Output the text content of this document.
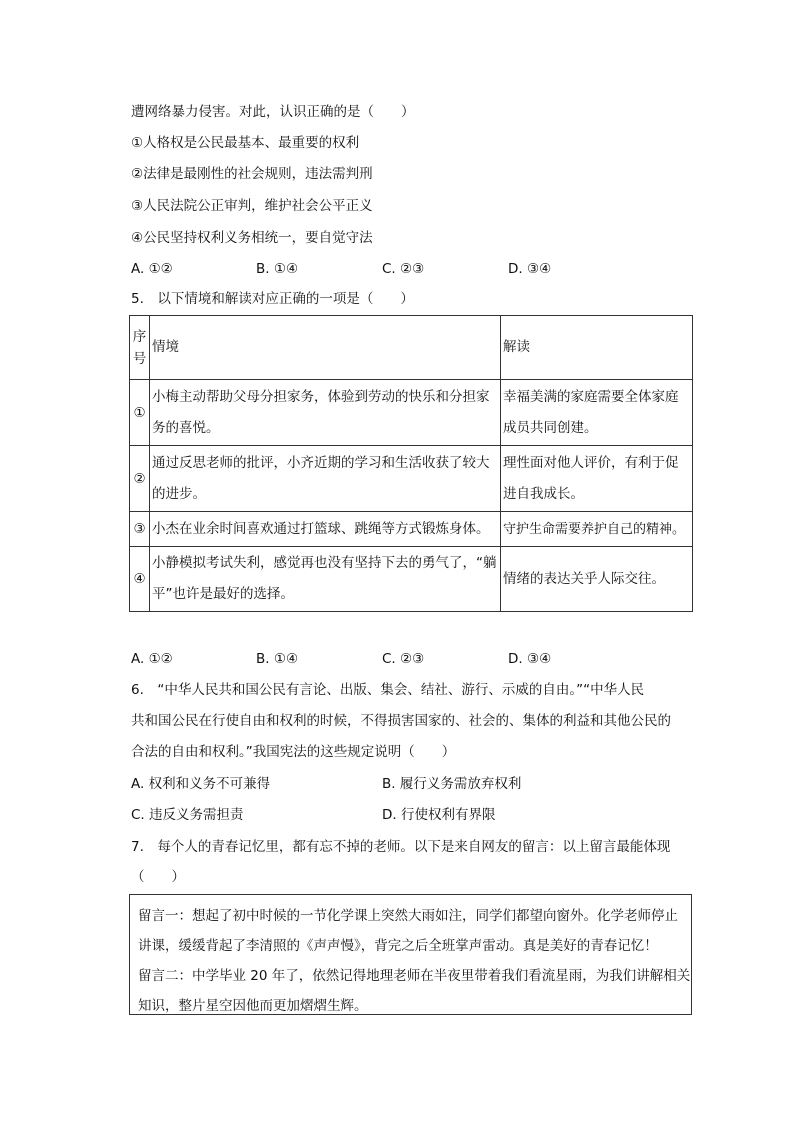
遭网络暴力侵害。对此，认识正确的是（　　）
①人格权是公民最基本、最重要的权利
②法律是最刚性的社会规则，违法需判刑
③人民法院公正审判，维护社会公平正义
④公民坚持权利义务相统一，要自觉守法
A. ①②	B. ①④	C. ②③	D. ③④
5.　以下情境和解读对应正确的一项是（　　）
序号	情境	解读
①	小梅主动帮助父母分担家务，体验到劳动的快乐和分担家务的喜悦。	幸福美满的家庭需要全体家庭成员共同创建。
②	通过反思老师的批评，小齐近期的学习和生活收获了较大的进步。	理性面对他人评价，有利于促进自我成长。
③	小杰在业余时间喜欢通过打篮球、跳绳等方式锻炼身体。	守护生命需要养护自己的精神。
④	小静模拟考试失利，感觉再也没有坚持下去的勇气了，“躺平”也许是最好的选择。	情绪的表达关乎人际交往。
A. ①②	B. ①④	C. ②③	D. ③④
6.　“中华人民共和国公民有言论、出版、集会、结社、游行、示威的自由。”“中华人民
共和国公民在行使自由和权利的时候，不得损害国家的、社会的、集体的利益和其他公民的
合法的自由和权利。”我国宪法的这些规定说明（　　）
A. 权利和义务不可兼得	B. 履行义务需放弃权利
C. 违反义务需担责	D. 行使权利有界限
7.　每个人的青春记忆里，都有忘不掉的老师。以下是来自网友的留言：以上留言最能体现
（　　）
留言一：想起了初中时候的一节化学课上突然大雨如注，同学们都望向窗外。化学老师停止
讲课，缓缓背起了李清照的《声声慢》，背完之后全班掌声雷动。真是美好的青春记忆！
留言二：中学毕业 20 年了，依然记得地理老师在半夜里带着我们看流星雨，为我们讲解相关
知识，整片星空因他而更加熠熠生辉。
